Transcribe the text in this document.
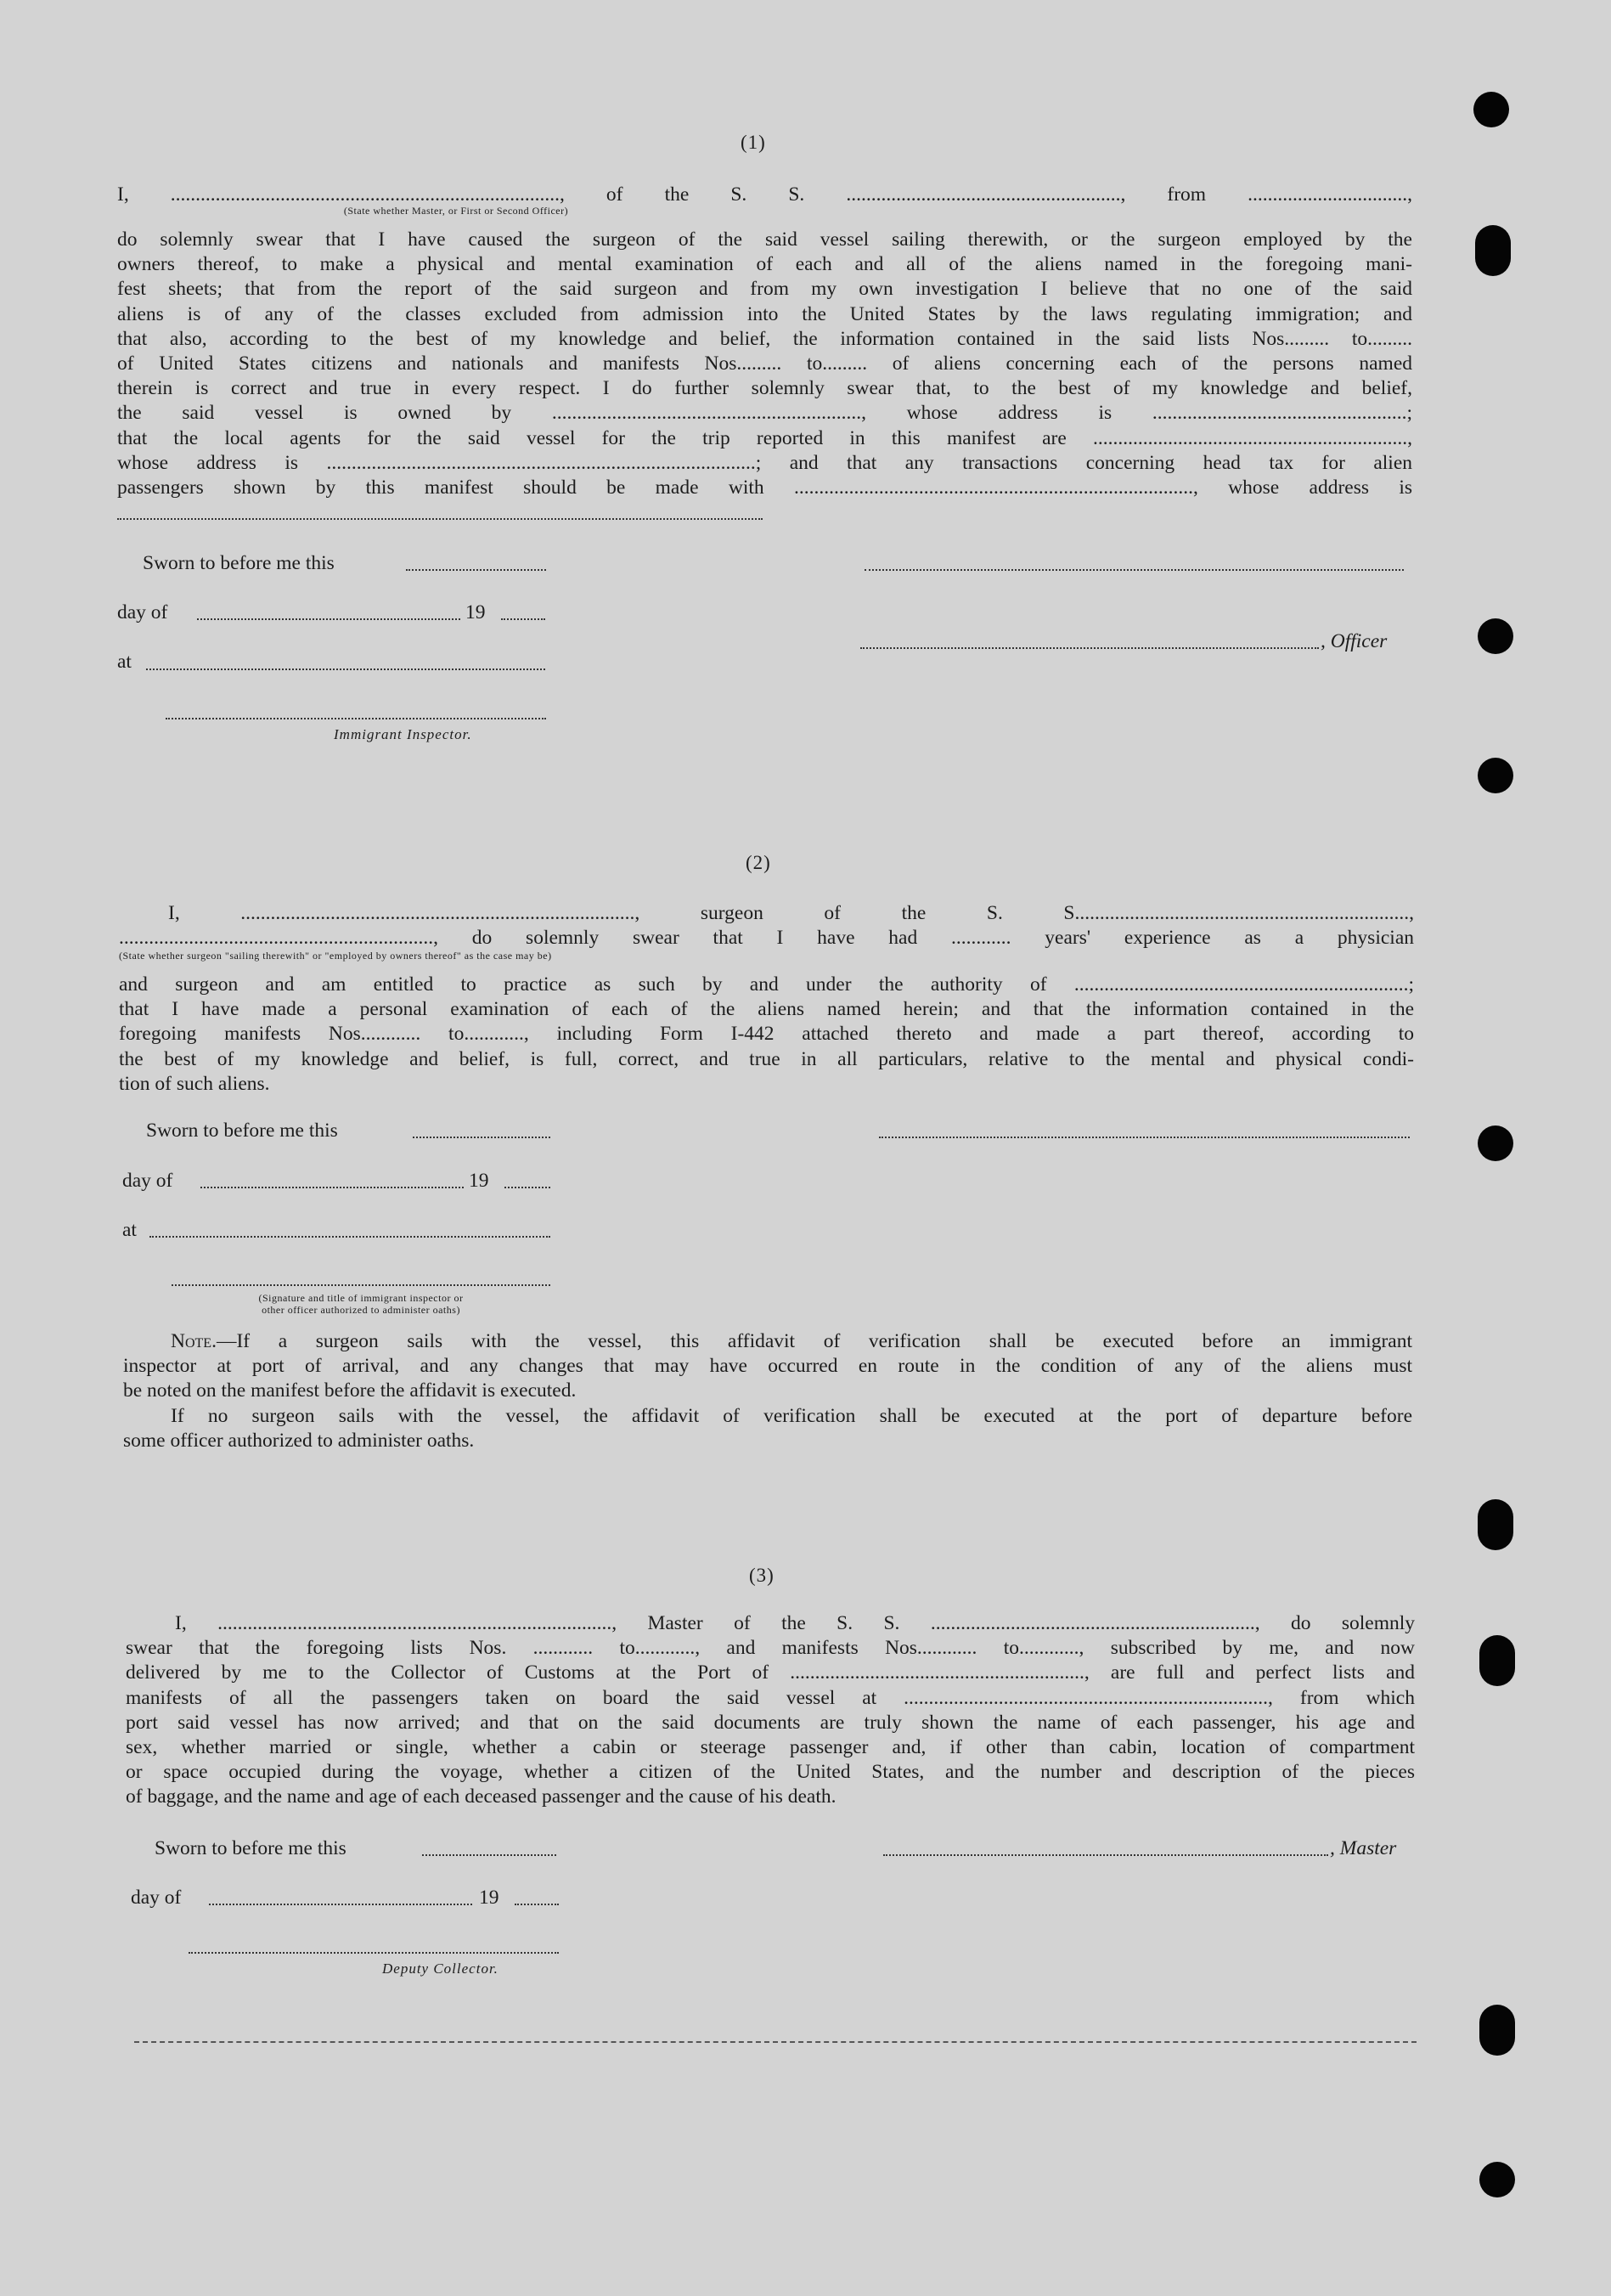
(1)

I, .............................................................................., of the S. S. ......................................................., from ................................,

(State whether Master, or First or Second Officer)

do solemnly swear that I have caused the surgeon of the said vessel sailing therewith, or the surgeon employed by the
owners thereof, to make a physical and mental examination of each and all of the aliens named in the foregoing mani-
fest sheets; that from the report of the said surgeon and from my own investigation I believe that no one of the said
aliens is of any of the classes excluded from admission into the United States by the laws regulating immigration; and
that also, according to the best of my knowledge and belief, the information contained in the said lists Nos......... to.........
of United States citizens and nationals and manifests Nos......... to......... of aliens concerning each of the persons named
therein is correct and true in every respect. I do further solemnly swear that, to the best of my knowledge and belief,
the said vessel is owned by .............................................................., whose address is ...................................................;
that the local agents for the said vessel for the trip reported in this manifest are ...............................................................,
whose address is ......................................................................................; and that any transactions concerning head tax for alien
passengers shown by this manifest should be made with ................................................................................, whose address is

Sworn to before me this
day of	19
, Officer
at
Immigrant Inspector.
(2)

I, ..............................................................................., surgeon of the S. S...................................................................,
..............................................................., do solemnly swear that I have had ............ years' experience as a physician

(State whether surgeon "sailing therewith" or "employed by owners thereof" as the case may be)

and surgeon and am entitled to practice as such by and under the authority of ...................................................................;
that I have made a personal examination of each of the aliens named herein; and that the information contained in the
foregoing manifests Nos............ to............, including Form I-442 attached thereto and made a part thereof, according to
the best of my knowledge and belief, is full, correct, and true in all particulars, relative to the mental and physical condi-
tion of such aliens.

Sworn to before me this
day of	19
at
(Signature and title of immigrant inspector or
other officer authorized to administer oaths)

Note.—If a surgeon sails with the vessel, this affidavit of verification shall be executed before an immigrant
inspector at port of arrival, and any changes that may have occurred en route in the condition of any of the aliens must
be noted on the manifest before the affidavit is executed.
If no surgeon sails with the vessel, the affidavit of verification shall be executed at the port of departure before
some officer authorized to administer oaths.

(3)

I, ..............................................................................., Master of the S. S. ................................................................., do solemnly
swear that the foregoing lists Nos. ............ to............, and manifests Nos............ to............, subscribed by me, and now
delivered by me to the Collector of Customs at the Port of ..........................................................., are full and perfect lists and
manifests of all the passengers taken on board the said vessel at ........................................................................., from which
port said vessel has now arrived; and that on the said documents are truly shown the name of each passenger, his age and
sex, whether married or single, whether a cabin or steerage passenger and, if other than cabin, location of compartment
or space occupied during the voyage, whether a citizen of the United States, and the number and description of the pieces
of baggage, and the name and age of each deceased passenger and the cause of his death.

Sworn to before me this	, Master
day of	19
Deputy Collector.
